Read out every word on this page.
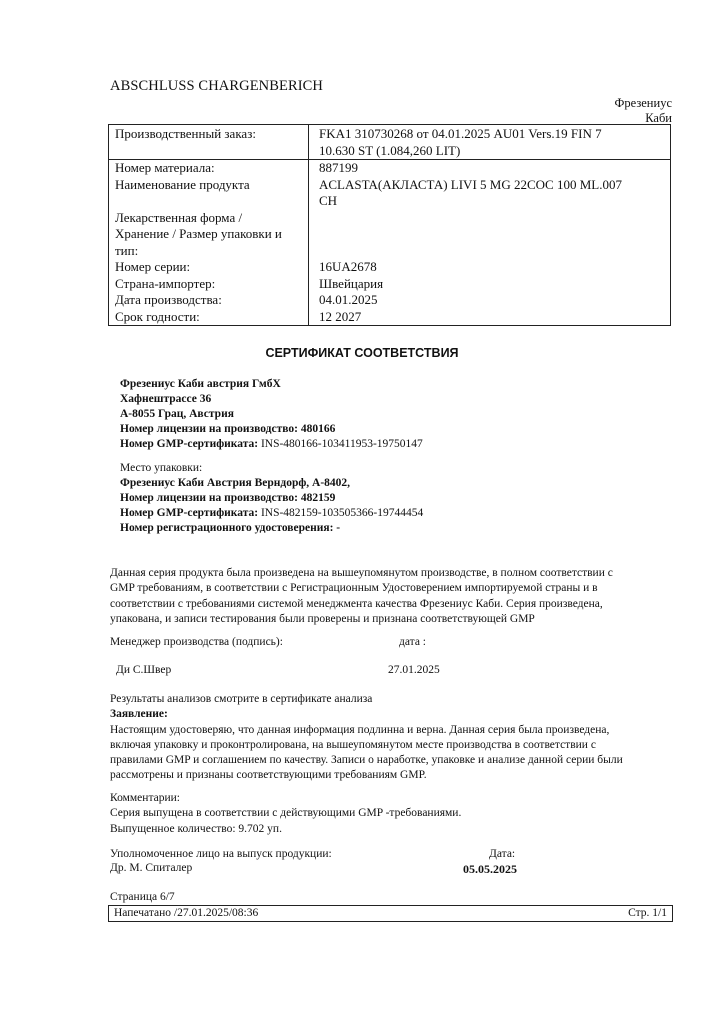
ABSCHLUSS CHARGENBERICH
Фрезениус
Каби
Производственный заказ:	FKA1 310730268 от 04.01.2025 AU01 Vers.19 FIN 7
10.630 ST (1.084,260 LIT)

Номер материала:	887199
Наименование продукта	ACLASTA(АКЛАСТА) LIVI 5 MG 22COC 100 ML.007
CH

Лекарственная форма / Хранение / Размер упаковки и тип:	
Номер серии:	16UA2678
Страна-импортер:	Швейцария
Дата производства:	04.01.2025
Срок годности:	12 2027
СЕРТИФИКАТ СООТВЕТСТВИЯ
Фрезениус Каби австрия ГмбХ
Хафнештрассе 36
А-8055 Грац, Австрия
Номер лицензии на производство: 480166
Номер GMP-сертификата: INS-480166-103411953-19750147
Место упаковки:
Фрезениус Каби Австрия Верндорф, А-8402,
Номер лицензии на производство: 482159
Номер GMP-сертификата: INS-482159-103505366-19744454
Номер регистрационного удостоверения: -
Данная серия продукта была произведена на вышеупомянутом производстве, в полном соответствии с
GMP требованиям, в соответствии с Регистрационным Удостоверением импортируемой страны и в
соответствии с требованиями системой менеджмента качества Фрезениус Каби. Серия произведена,
упакована, и записи тестирования были проверены и признана соответствующей GMP
Менеджер производства (подпись):	дата :
Ди С.Швер	27.01.2025
Результаты анализов смотрите в сертификате анализа
Заявление:
Настоящим удостоверяю, что данная информация подлинна и верна. Данная серия была произведена,
включая упаковку и проконтролирована, на вышеупомянутом месте производства в соответствии с
правилами GMP и соглашением по качеству. Записи о наработке, упаковке и анализе данной серии были
рассмотрены и признаны соответствующими требованиям GMP.
Комментарии:
Серия выпущена в соответствии с действующими GMP -требованиями.
Выпущенное количество: 9.702 уп.
Уполномоченное лицо на выпуск продукции:	Дата:
Др. М. Спиталер	05.05.2025
Страница 6/7
Напечатано /27.01.2025/08:36	Стр. 1/1
